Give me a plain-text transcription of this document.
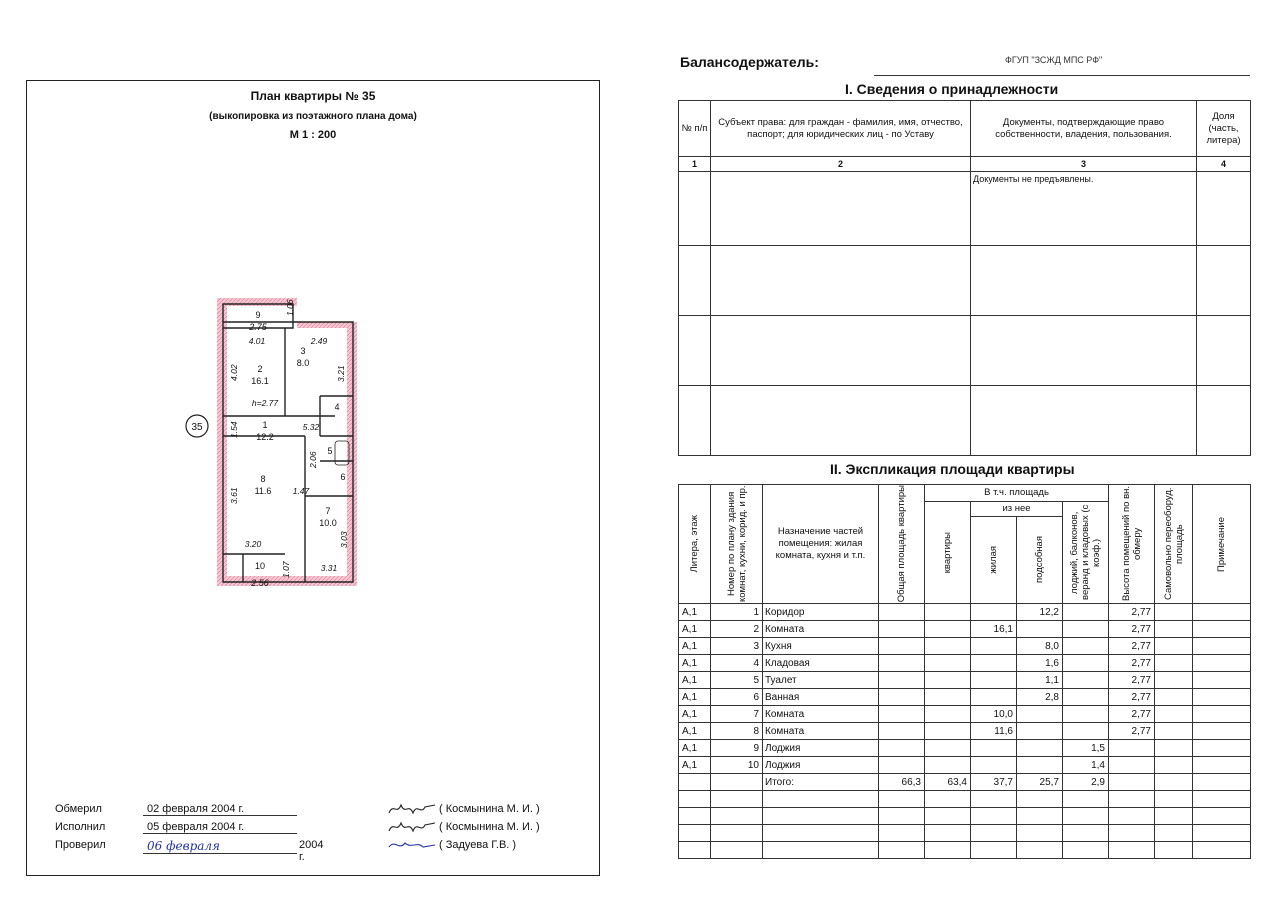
План квартиры № 35
(выкопировка из поэтажного плана дома)
М 1 : 200
2
16.1
3
8.0
4
5
6
1
12.2
7
10.0
8
11.6
9
2.75
10
2.56
4.01	2.49
5.32
1.47
3.20
3.31
h=2.77
4.02	3.21
1.06
1.54
2.06
3.61
3.03
1.07
35
Обмерил	02 февраля 2004 г.	( Космынина М. И. )
Исполнил	05 февраля 2004 г.	( Космынина М. И. )
Проверил	06 февраля	2004 г.
( Задуева Г.В. )
Балансодержатель:	ФГУП "ЗСЖД МПС РФ"
I. Сведения о принадлежности
№ п/п	Субъект права: для граждан - фамилия, имя, отчество, паспорт; для юридических лиц - по Уставу	Документы, подтверждающие право собственности, владения, пользования.	Доля (часть, литера)
1	2	3	4
		Документы не предъявлены.	

II. Экспликация площади квартиры
Литера, этаж	Номер по плану здания комнат, кухни, корид. и пр.	Назначение частей помещения: жилая комната, кухня и т.п.	Общая площадь квартиры	В т.ч. площадь				Высота помещений по вн. обмеру	Самовольно переоборуд. площадь	Примечание

				квартиры	из нее		лоджий, балконов, веранд и кладовых (с коэф.)			

					жилая	подсобная				

А,1	1	Коридор				12,2		2,77		
А,1	2	Комната			16,1			2,77		
А,1	3	Кухня				8,0		2,77		
А,1	4	Кладовая				1,6		2,77		
А,1	5	Туалет				1,1		2,77		
А,1	6	Ванная				2,8		2,77		
А,1	7	Комната			10,0			2,77		
А,1	8	Комната			11,6			2,77		
А,1	9	Лоджия					1,5			
А,1	10	Лоджия					1,4			
		Итого:	66,3	63,4	37,7	25,7	2,9			
